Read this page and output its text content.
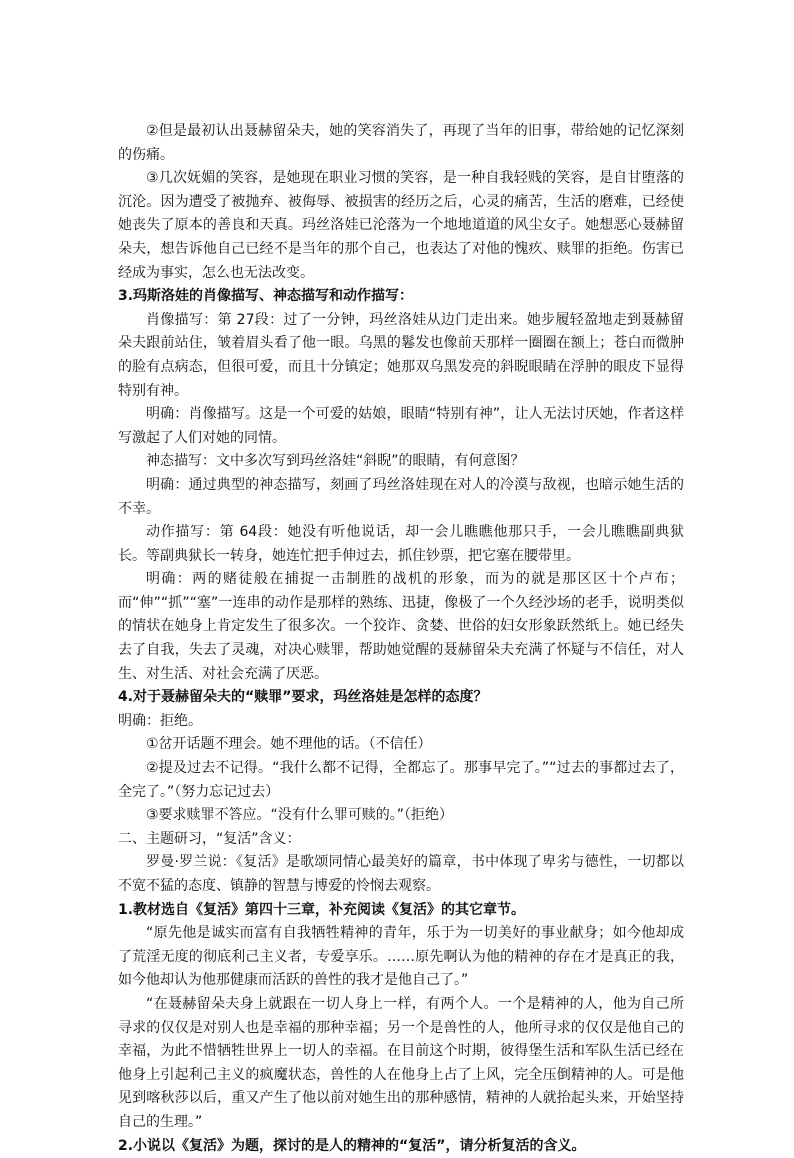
②但是最初认出聂赫留朵夫，她的笑容消失了，再现了当年的旧事，带给她的记忆深刻的伤痛。

③几次妩媚的笑容，是她现在职业习惯的笑容，是一种自我轻贱的笑容，是自甘堕落的沉沦。因为遭受了被抛弃、被侮辱、被损害的经历之后，心灵的痛苦，生活的磨难，已经使她丧失了原本的善良和天真。玛丝洛娃已沦落为一个地地道道的风尘女子。她想恶心聂赫留朵夫，想告诉他自己已经不是当年的那个自己，也表达了对他的愧疚、赎罪的拒绝。伤害已经成为事实，怎么也无法改变。

3.玛斯洛娃的肖像描写、神态描写和动作描写：

肖像描写：第 27段：过了一分钟，玛丝洛娃从边门走出来。她步履轻盈地走到聂赫留朵夫跟前站住，皱着眉头看了他一眼。乌黑的鬈发也像前天那样一圈圈在额上；苍白而微肿的脸有点病态，但很可爱，而且十分镇定；她那双乌黑发亮的斜睨眼睛在浮肿的眼皮下显得特别有神。

明确：肖像描写。这是一个可爱的姑娘，眼睛“特别有神”，让人无法讨厌她，作者这样写激起了人们对她的同情。

神态描写：文中多次写到玛丝洛娃“斜睨”的眼睛，有何意图？

明确：通过典型的神态描写，刻画了玛丝洛娃现在对人的冷漠与敌视，也暗示她生活的不幸。

动作描写：第 64段：她没有听他说话，却一会儿瞧瞧他那只手，一会儿瞧瞧副典狱长。等副典狱长一转身，她连忙把手伸过去，抓住钞票，把它塞在腰带里。

明确：两的赌徒般在捕捉一击制胜的战机的形象，而为的就是那区区十个卢布；而“伸”“抓”“塞”一连串的动作是那样的熟练、迅捷，像极了一个久经沙场的老手，说明类似的情状在她身上肯定发生了很多次。一个狡诈、贪婪、世俗的妇女形象跃然纸上。她已经失去了自我，失去了灵魂，对决心赎罪，帮助她觉醒的聂赫留朵夫充满了怀疑与不信任，对人生、对生活、对社会充满了厌恶。

4.对于聂赫留朵夫的“赎罪”要求，玛丝洛娃是怎样的态度？

明确：拒绝。

①岔开话题不理会。她不理他的话。（不信任）

②提及过去不记得。“我什么都不记得，全都忘了。那事早完了。”“过去的事都过去了，全完了。”（努力忘记过去）

③要求赎罪不答应。“没有什么罪可赎的。”（拒绝）

二、主题研习，“复活”含义：

罗曼·罗兰说：《复活》是歌颂同情心最美好的篇章，书中体现了卑劣与德性，一切都以不宽不猛的态度、镇静的智慧与博爱的怜悯去观察。

1.教材选自《复活》第四十三章，补充阅读《复活》的其它章节。

“原先他是诚实而富有自我牺牲精神的青年，乐于为一切美好的事业献身；如今他却成了荒淫无度的彻底利己主义者，专爱享乐。……原先啊认为他的精神的存在才是真正的我，如今他却认为他那健康而活跃的兽性的我才是他自己了。”

“在聂赫留朵夫身上就跟在一切人身上一样，有两个人。一个是精神的人，他为自己所寻求的仅仅是对别人也是幸福的那种幸福；另一个是兽性的人，他所寻求的仅仅是他自己的幸福，为此不惜牺牲世界上一切人的幸福。在目前这个时期，彼得堡生活和军队生活已经在他身上引起利己主义的疯魔状态，兽性的人在他身上占了上风，完全压倒精神的人。可是他见到喀秋莎以后，重又产生了他以前对她生出的那种感情，精神的人就抬起头来，开始坚持自己的生理。”

2.小说以《复活》为题，探讨的是人的精神的“复活”，请分析复活的含义。
